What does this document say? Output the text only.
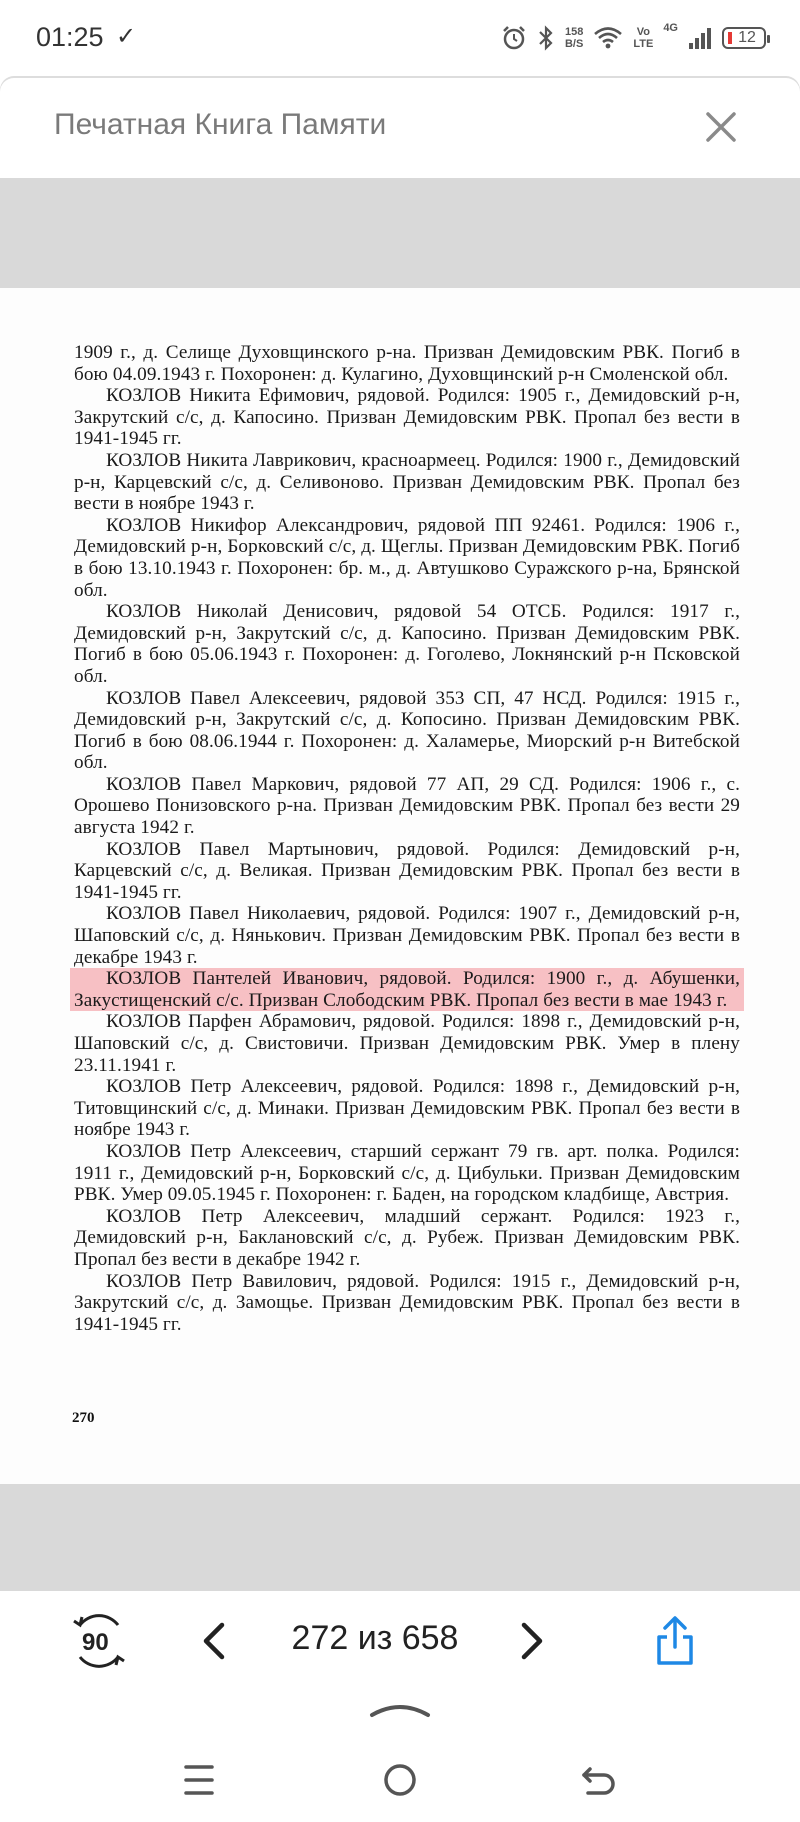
01:25 ✓	158
B/S
Vo
LTE
4G
12
Печатная Книга Памяти

1909 г., д. Селище Духовщинского р-на. Призван Демидовским РВК. Погиб в бою 04.09.1943 г. Похоронен: д. Кулагино, Духовщинский р-н Смоленской обл.

КОЗЛОВ Никита Ефимович, рядовой. Родился: 1905 г., Демидовский р-н, Закрутский с/с, д. Капосино. Призван Демидовским РВК. Пропал без вести в 1941-1945 гг.

КОЗЛОВ Никита Лаврикович, красноармеец. Родился: 1900 г., Демидовский р-н, Карцевский с/с, д. Селивоново. Призван Демидовским РВК. Пропал без вести в ноябре 1943 г.

КОЗЛОВ Никифор Александрович, рядовой ПП 92461. Родился: 1906 г., Демидовский р-н, Борковский с/с, д. Щеглы. Призван Демидовским РВК. Погиб в бою 13.10.1943 г. Похоронен: бр. м., д. Автушково Суражского р-на, Брянской обл.

КОЗЛОВ Николай Денисович, рядовой 54 ОТСБ. Родился: 1917 г., Демидовский р-н, Закрутский с/с, д. Капосино. Призван Демидовским РВК. Погиб в бою 05.06.1943 г. Похоронен: д. Гоголево, Локнянский р-н Псковской обл.

КОЗЛОВ Павел Алексеевич, рядовой 353 СП, 47 НСД. Родился: 1915 г., Демидовский р-н, Закрутский с/с, д. Копосино. Призван Демидовским РВК. Погиб в бою 08.06.1944 г. Похоронен: д. Халамерье, Миорский р-н Витебской обл.

КОЗЛОВ Павел Маркович, рядовой 77 АП, 29 СД. Родился: 1906 г., с. Орошево Понизовского р-на. Призван Демидовским РВК. Пропал без вести 29 августа 1942 г.

КОЗЛОВ Павел Мартынович, рядовой. Родился: Демидовский р-н, Карцевский с/с, д. Великая. Призван Демидовским РВК. Пропал без вести в 1941-1945 гг.

КОЗЛОВ Павел Николаевич, рядовой. Родился: 1907 г., Демидовский р-н, Шаповский с/с, д. Нянькович. Призван Демидовским РВК. Пропал без вести в декабре 1943 г.

КОЗЛОВ Пантелей Иванович, рядовой. Родился: 1900 г., д. Абушенки, Закустищенский с/с. Призван Слободским РВК. Пропал без вести в мае 1943 г.

КОЗЛОВ Парфен Абрамович, рядовой. Родился: 1898 г., Демидовский р-н, Шаповский с/с, д. Свистовичи. Призван Демидовским РВК. Умер в плену 23.11.1941 г.

КОЗЛОВ Петр Алексеевич, рядовой. Родился: 1898 г., Демидовский р-н, Титовщинский с/с, д. Минаки. Призван Демидовским РВК. Пропал без вести в ноябре 1943 г.

КОЗЛОВ Петр Алексеевич, старший сержант 79 гв. арт. полка. Родился: 1911 г., Демидовский р-н, Борковский с/с, д. Цибульки. Призван Демидовским РВК. Умер 09.05.1945 г. Похоронен: г. Баден, на городском кладбище, Австрия.

КОЗЛОВ Петр Алексеевич, младший сержант. Родился: 1923 г., Демидовский р-н, Баклановский с/с, д. Рубеж. Призван Демидовским РВК. Пропал без вести в декабре 1942 г.

КОЗЛОВ Петр Вавилович, рядовой. Родился: 1915 г., Демидовский р-н, Закрутский с/с, д. Замощье. Призван Демидовским РВК. Пропал без вести в 1941-1945 гг.

270
90	272 из 658
